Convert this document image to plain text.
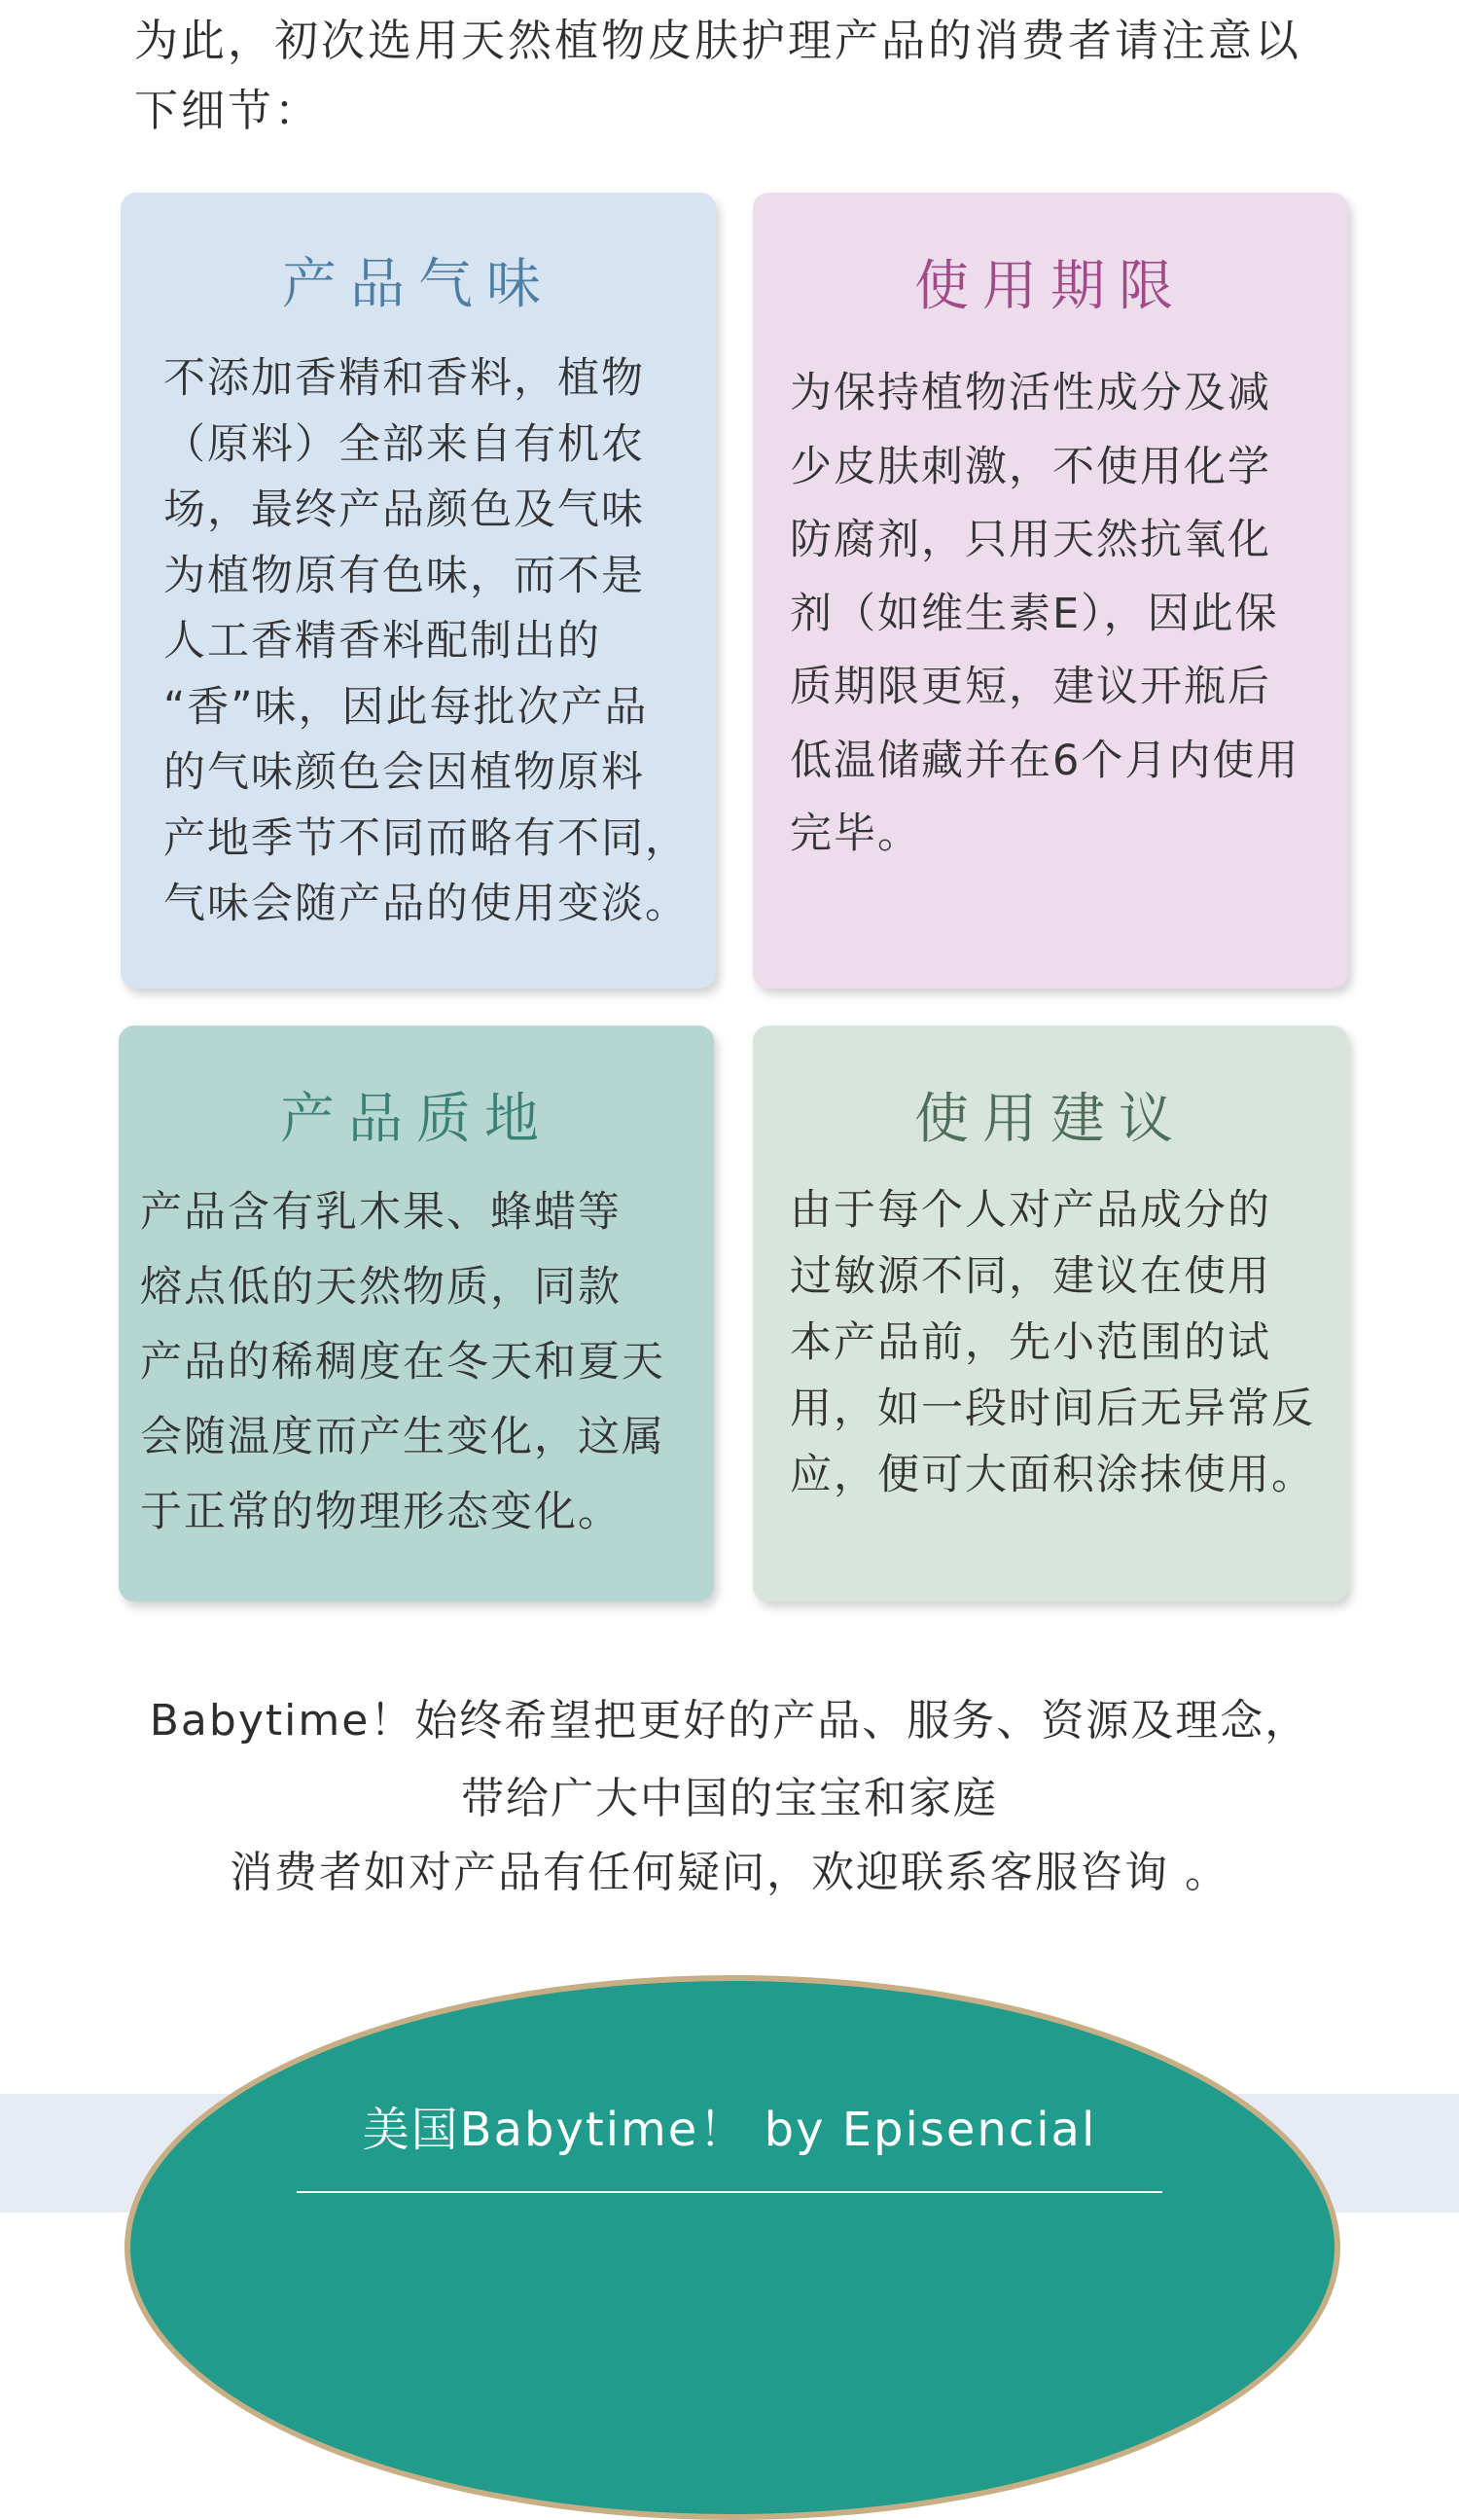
为此，初次选用天然植物皮肤护理产品的消费者请注意以
下细节：
产品气味
不添加香精和香料，植物
（原料）全部来自有机农
场，最终产品颜色及气味
为植物原有色味，而不是
人工香精香料配制出的
“香”味，因此每批次产品
的气味颜色会因植物原料
产地季节不同而略有不同，
气味会随产品的使用变淡。
使用期限
为保持植物活性成分及减
少皮肤刺激，不使用化学
防腐剂，只用天然抗氧化
剂（如维生素E），因此保
质期限更短，建议开瓶后
低温储藏并在6个月内使用
完毕。
产品质地
产品含有乳木果、蜂蜡等
熔点低的天然物质，同款
产品的稀稠度在冬天和夏天
会随温度而产生变化，这属
于正常的物理形态变化。
使用建议
由于每个人对产品成分的
过敏源不同，建议在使用
本产品前，先小范围的试
用，如一段时间后无异常反
应，便可大面积涂抹使用。

Babytime！始终希望把更好的产品、服务、资源及理念，

带给广大中国的宝宝和家庭

消费者如对产品有任何疑问，欢迎联系客服咨询 。

美国Babytime！ by Episencial
